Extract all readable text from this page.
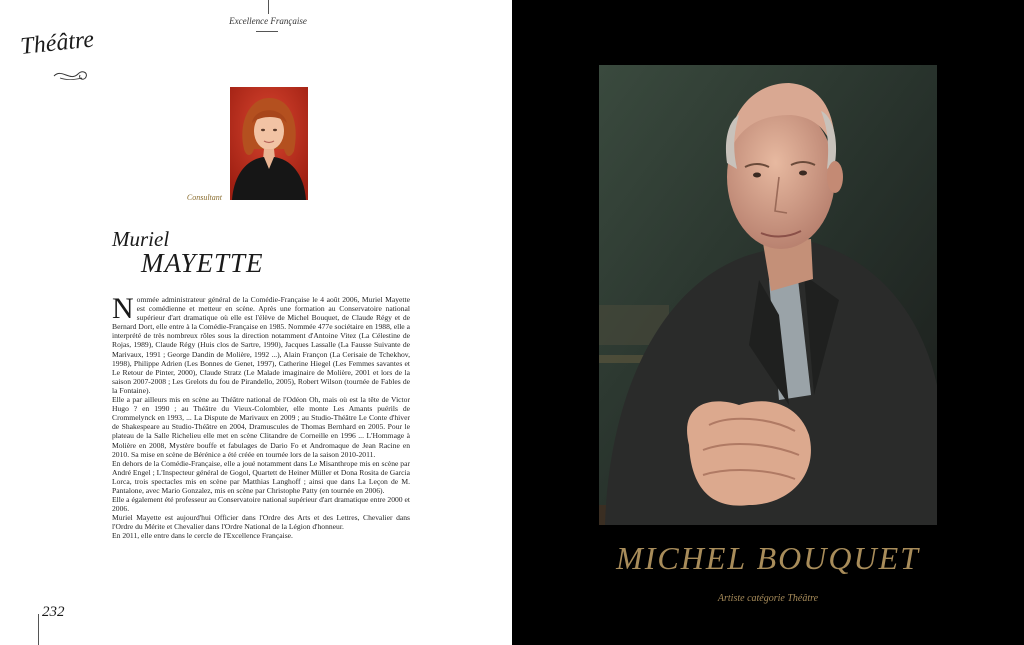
Excellence Française
Théâtre
Consultant
Muriel
MAYETTE

Nommée administrateur général de la Comédie-Française le 4 août 2006, Muriel Mayette est comédienne et metteur en scène. Après une formation au Conservatoire national supérieur d'art dramatique où elle est l'élève de Michel Bouquet, de Claude Régy et de Bernard Dort, elle entre à la Comédie-Française en 1985. Nommée 477e sociétaire en 1988, elle a interprété de très nombreux rôles sous la direction notamment d'Antoine Vitez (La Célestine de Rojas, 1989), Claude Régy (Huis clos de Sartre, 1990), Jacques Lassalle (La Fausse Suivante de Marivaux, 1991 ; George Dandin de Molière, 1992 ...), Alain Françon (La Cerisaie de Tchekhov, 1998), Philippe Adrien (Les Bonnes de Genet, 1997), Catherine Hiegel (Les Femmes savantes et Le Retour de Pinter, 2000), Claude Stratz (Le Malade imaginaire de Molière, 2001 et lors de la saison 2007-2008 ; Les Grelots du fou de Pirandello, 2005), Robert Wilson (tournée de Fables de la Fontaine).

Elle a par ailleurs mis en scène au Théâtre national de l'Odéon Oh, mais où est la tête de Victor Hugo ? en 1990 ; au Théâtre du Vieux-Colombier, elle monte Les Amants puérils de Crommelynck en 1993, ... La Dispute de Marivaux en 2009 ; au Studio-Théâtre Le Conte d'hiver de Shakespeare au Studio-Théâtre en 2004, Dramuscules de Thomas Bernhard en 2005. Pour le plateau de la Salle Richelieu elle met en scène Clitandre de Corneille en 1996 ... L'Hommage à Molière en 2008, Mystère bouffe et fabulages de Dario Fo et Andromaque de Jean Racine en 2010. Sa mise en scène de Bérénice a été créée en tournée lors de la saison 2010-2011.

En dehors de la Comédie-Française, elle a joué notamment dans Le Misanthrope mis en scène par André Engel ; L'Inspecteur général de Gogol, Quartett de Heiner Müller et Dona Rosita de Garcia Lorca, trois spectacles mis en scène par Matthias Langhoff ; ainsi que dans La Leçon de M. Pantalone, avec Mario Gonzalez, mis en scène par Christophe Patty (en tournée en 2006).

Elle a également été professeur au Conservatoire national supérieur d'art dramatique entre 2000 et 2006.

Muriel Mayette est aujourd'hui Officier dans l'Ordre des Arts et des Lettres, Chevalier dans l'Ordre du Mérite et Chevalier dans l'Ordre National de la Légion d'honneur.

En 2011, elle entre dans le cercle de l'Excellence Française.

232
MICHEL BOUQUET
Artiste catégorie Théâtre
